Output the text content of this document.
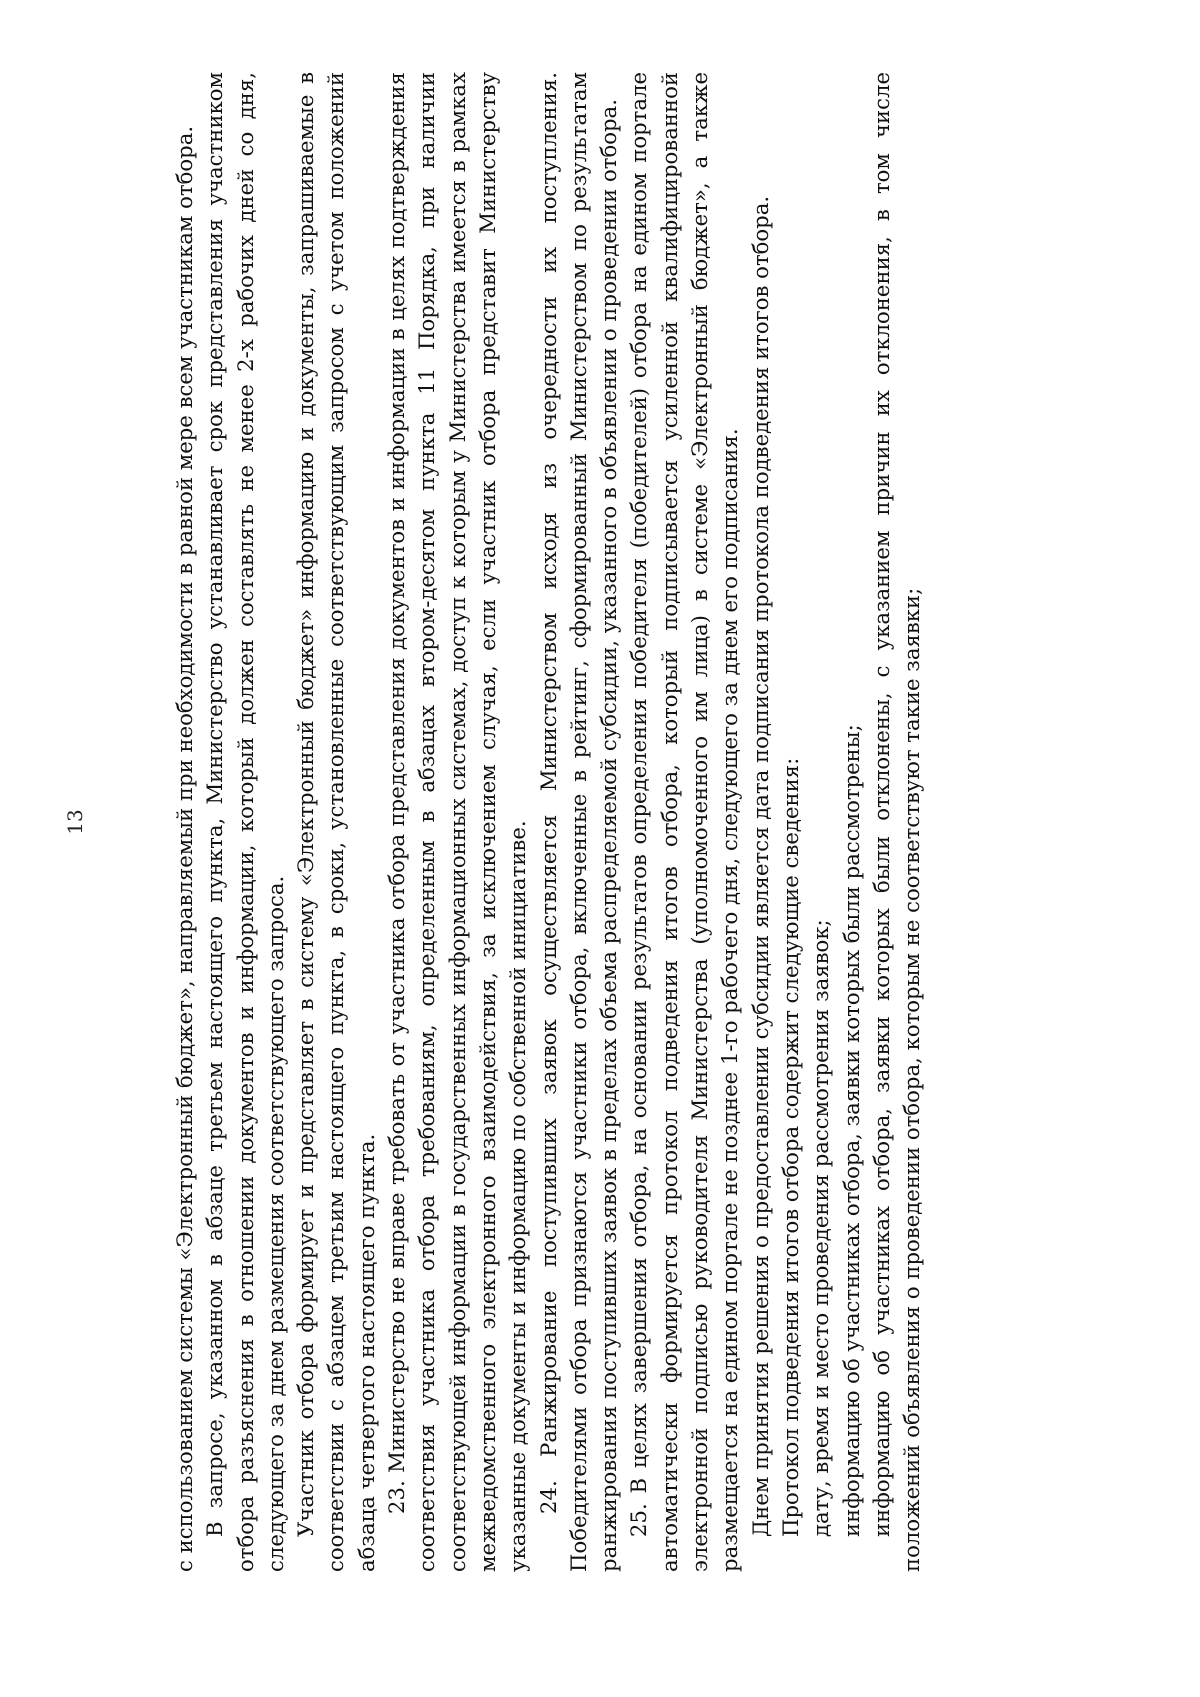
13	с использованием системы «Электронный бюджет», направляемый при необходимости в равной мере всем участникам отбора. В запросе, указанном в абзаце третьем настоящего пункта, Министерство устанавливает срок представления участником отбора разъяснения в отношении документов и информации, который должен составлять не менее 2-х рабочих дней со дня, следующего за днем размещения соответствующего запроса. Участник отбора формирует и представляет в систему «Электронный бюджет» информацию и документы, запрашиваемые в соответствии с абзацем третьим настоящего пункта, в сроки, установленные соответствующим запросом с учетом положений абзаца четвертого настоящего пункта. 23. Министерство не вправе требовать от участника отбора представления документов и информации в целях подтверждения соответствия участника отбора требованиям, определенным в абзацах втором-десятом пункта 11 Порядка, при наличии соответствующей информации в государственных информационных системах, доступ к которым у Министерства имеется в рамках межведомственного электронного взаимодействия, за исключением случая, если участник отбора представит Министерству указанные документы и информацию по собственной инициативе. 24. Ранжирование поступивших заявок осуществляется Министерством исходя из очередности их поступления. Победителями отбора признаются участники отбора, включенные в рейтинг, сформированный Министерством по результатам ранжирования поступивших заявок в пределах объема распределяемой субсидии, указанного в объявлении о проведении отбора. 25. В целях завершения отбора, на основании результатов определения победителя (победителей) отбора на едином портале автоматически формируется протокол подведения итогов отбора, который подписывается усиленной квалифицированной электронной подписью руководителя Министерства (уполномоченного им лица) в системе «Электронный бюджет», а также размещается на едином портале не позднее 1-го рабочего дня, следующего за днем его подписания. Днем принятия решения о предоставлении субсидии является дата подписания протокола подведения итогов отбора. Протокол подведения итогов отбора содержит следующие сведения: дату, время и место проведения рассмотрения заявок; информацию об участниках отбора, заявки которых были рассмотрены; информацию об участниках отбора, заявки которых были отклонены, с указанием причин их отклонения, в том числе положений объявления о проведении отбора, которым не соответствуют такие заявки;
